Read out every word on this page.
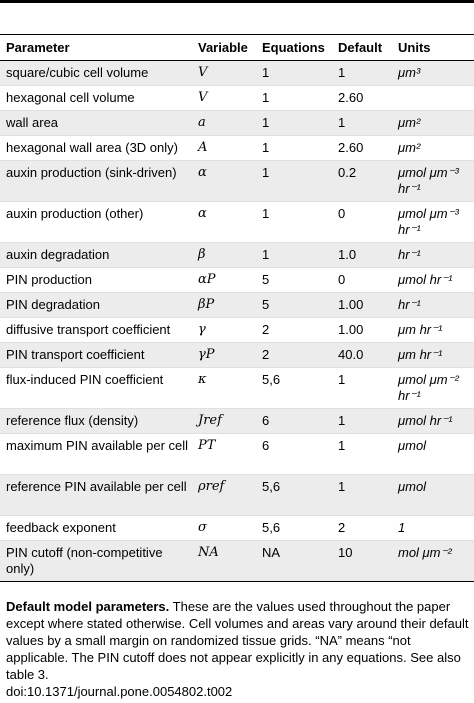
Parameter	Variable	Equations	Default	Units
square/cubic cell volume	V	1	1	μm³
hexagonal cell volume	V	1	2.60	
wall area	a	1	1	μm²
hexagonal wall area (3D only)	A	1	2.60	μm²
auxin production (sink-driven)	α	1	0.2	μmol μm⁻³ hr⁻¹
auxin production (other)	α	1	0	μmol μm⁻³ hr⁻¹
auxin degradation	β	1	1.0	hr⁻¹
PIN production	αP	5	0	μmol hr⁻¹
PIN degradation	βP	5	1.00	hr⁻¹
diffusive transport coefficient	γ	2	1.00	μm hr⁻¹
PIN transport coefficient	γP	2	40.0	μm hr⁻¹
flux-induced PIN coefficient	κ	5,6	1	μmol μm⁻² hr⁻¹
reference flux (density)	Jref	6	1	μmol hr⁻¹
maximum PIN available per cell	PT	6	1	μmol
reference PIN available per cell	ρref	5,6	1	μmol
feedback exponent	σ	5,6	2	1
PIN cutoff (non-competitive only)	NA	NA	10	mol μm⁻²
Default model parameters. These are the values used throughout the paper except where stated otherwise. Cell volumes and areas vary around their default values by a small margin on randomized tissue grids. “NA” means “not applicable. The PIN cutoff does not appear explicitly in any equations. See also table 3.
doi:10.1371/journal.pone.0054802.t002
